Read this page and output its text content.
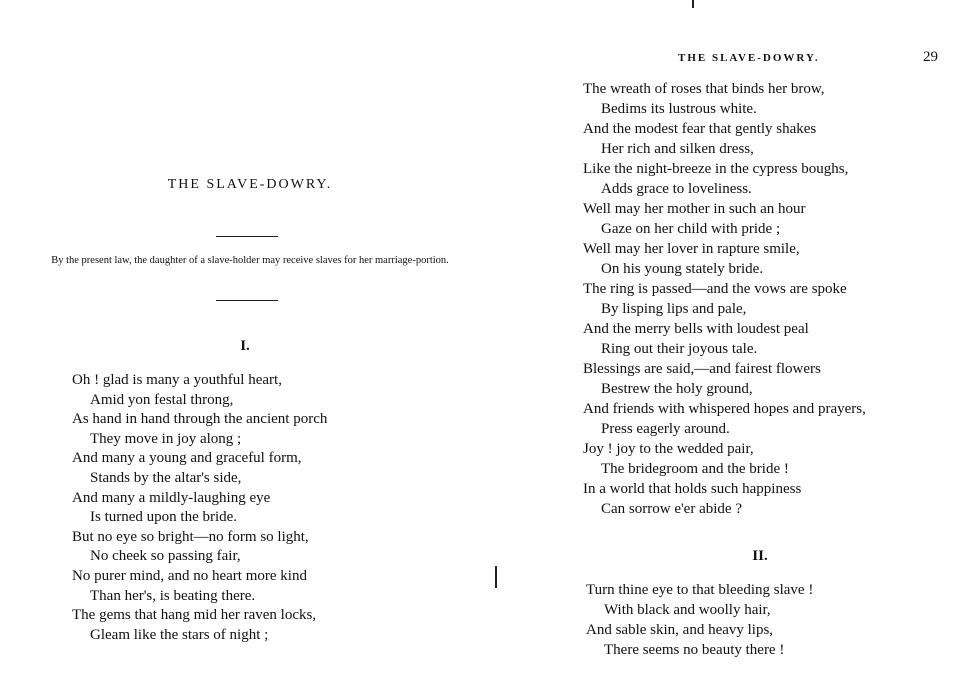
THE SLAVE-DOWRY.
By the present law, the daughter of a slave-holder may receive slaves for her marriage-portion.
I.
Oh ! glad is many a youthful heart,
Amid yon festal throng,
As hand in hand through the ancient porch
They move in joy along ;
And many a young and graceful form,
Stands by the altar's side,
And many a mildly-laughing eye
Is turned upon the bride.
But no eye so bright—no form so light,
No cheek so passing fair,
No purer mind, and no heart more kind
Than her's, is beating there.
The gems that hang mid her raven locks,
Gleam like the stars of night ;
THE SLAVE-DOWRY.	29
The wreath of roses that binds her brow,
Bedims its lustrous white.
And the modest fear that gently shakes
Her rich and silken dress,
Like the night-breeze in the cypress boughs,
Adds grace to loveliness.
Well may her mother in such an hour
Gaze on her child with pride ;
Well may her lover in rapture smile,
On his young stately bride.
The ring is passed—and the vows are spoke
By lisping lips and pale,
And the merry bells with loudest peal
Ring out their joyous tale.
Blessings are said,—and fairest flowers
Bestrew the holy ground,
And friends with whispered hopes and prayers,
Press eagerly around.
Joy ! joy to the wedded pair,
The bridegroom and the bride !
In a world that holds such happiness
Can sorrow e'er abide ?
II.
Turn thine eye to that bleeding slave !
With black and woolly hair,
And sable skin, and heavy lips,
There seems no beauty there !
